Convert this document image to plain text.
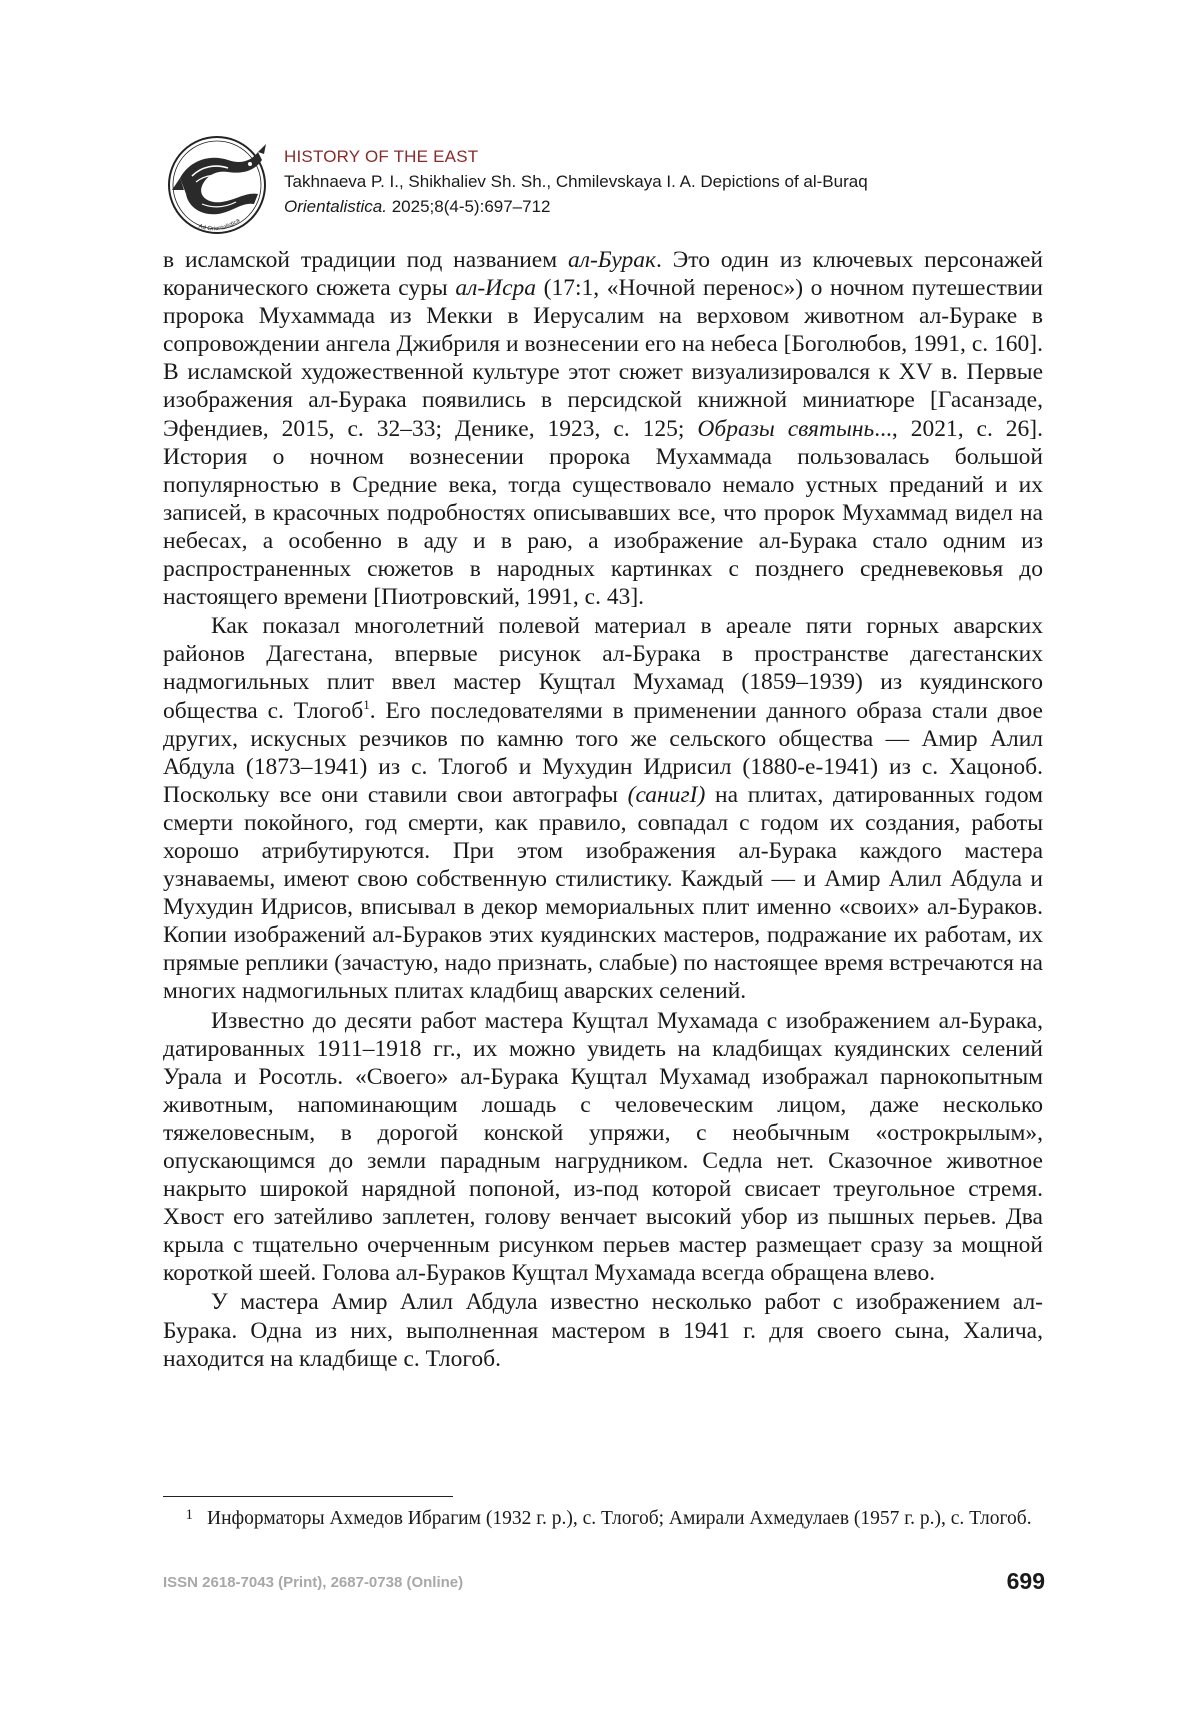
Ad Orientalistica
HISTORY OF THE EAST
Takhnaeva P. I., Shikhaliev Sh. Sh., Chmilevskaya I. A. Depictions of al-Buraq
Orientalistica. 2025;8(4-5):697–712

в исламской традиции под названием ал-Бурак. Это один из ключевых персонажей коранического сюжета суры ал-Исра (17:1, «Ночной перенос») о ночном путешествии пророка Мухаммада из Мекки в Иерусалим на верховом животном ал-Бураке в сопровождении ангела Джибриля и вознесении его на небеса [Боголюбов, 1991, с. 160]. В исламской художественной культуре этот сюжет визуализировался к XV в. Первые изображения ал-Бурака появились в персидской книжной миниатюре [Гасанзаде, Эфендиев, 2015, с. 32–33; Деникe, 1923, с. 125; Образы святынь..., 2021, с. 26]. История о ночном вознесении пророка Мухаммада пользовалась большой популярностью в Средние века, тогда существовало немало устных преданий и их записей, в красочных подробностях описывавших все, что пророк Мухаммад видел на небесах, а особенно в аду и в раю, а изображение ал-Бурака стало одним из распространенных сюжетов в народных картинках с позднего средневековья до настоящего времени [Пиотровский, 1991, с. 43].

Как показал многолетний полевой материал в ареале пяти горных аварских районов Дагестана, впервые рисунок ал-Бурака в пространстве дагестанских надмогильных плит ввел мастер Кущтал Мухамад (1859–1939) из куядинского общества с. Тлогоб$^1$. Его последователями в применении данного образа стали двое других, искусных резчиков по камню того же сельского общества — Амир Алил Абдула (1873–1941) из с. Тлогоб и Мухудин Идрисил (1880-е-1941) из с. Хацоноб. Поскольку все они ставили свои автографы (санигI) на плитах, датированных годом смерти покойного, год смерти, как правило, совпадал с годом их создания, работы хорошо атрибутируются. При этом изображения ал-Бурака каждого мастера узнаваемы, имеют свою собственную стилистику. Каждый — и Амир Алил Абдула и Мухудин Идрисов, вписывал в декор мемориальных плит именно «своих» ал-Бураков. Копии изображений ал-Бураков этих куядинских мастеров, подражание их работам, их прямые реплики (зачастую, надо признать, слабые) по настоящее время встречаются на многих надмогильных плитах кладбищ аварских селений.

Известно до десяти работ мастера Кущтал Мухамада с изображением ал-Бурака, датированных 1911–1918 гг., их можно увидеть на кладбищах куядинских селений Урала и Росотль. «Своего» ал-Бурака Кущтал Мухамад изображал парнокопытным животным, напоминающим лошадь с человеческим лицом, даже несколько тяжеловесным, в дорогой конской упряжи, с необычным «острокрылым», опускающимся до земли парадным нагрудником. Седла нет. Сказочное животное накрыто широкой нарядной попоной, из-под которой свисает треугольное стремя. Хвост его затейливо заплетен, голову венчает высокий убор из пышных перьев. Два крыла с тщательно очерченным рисунком перьев мастер размещает сразу за мощной короткой шеей. Голова ал-Бураков Кущтал Мухамада всегда обращена влево.

У мастера Амир Алил Абдула известно несколько работ с изображением ал-Бурака. Одна из них, выполненная мастером в 1941 г. для своего сына, Халича, находится на кладбище с. Тлогоб.

1 Информаторы Ахмедов Ибрагим (1932 г. р.), с. Тлогоб; Амирали Ахмедулаев (1957 г. р.), с. Тлогоб.
ISSN 2618-7043 (Print), 2687-0738 (Online)	699
